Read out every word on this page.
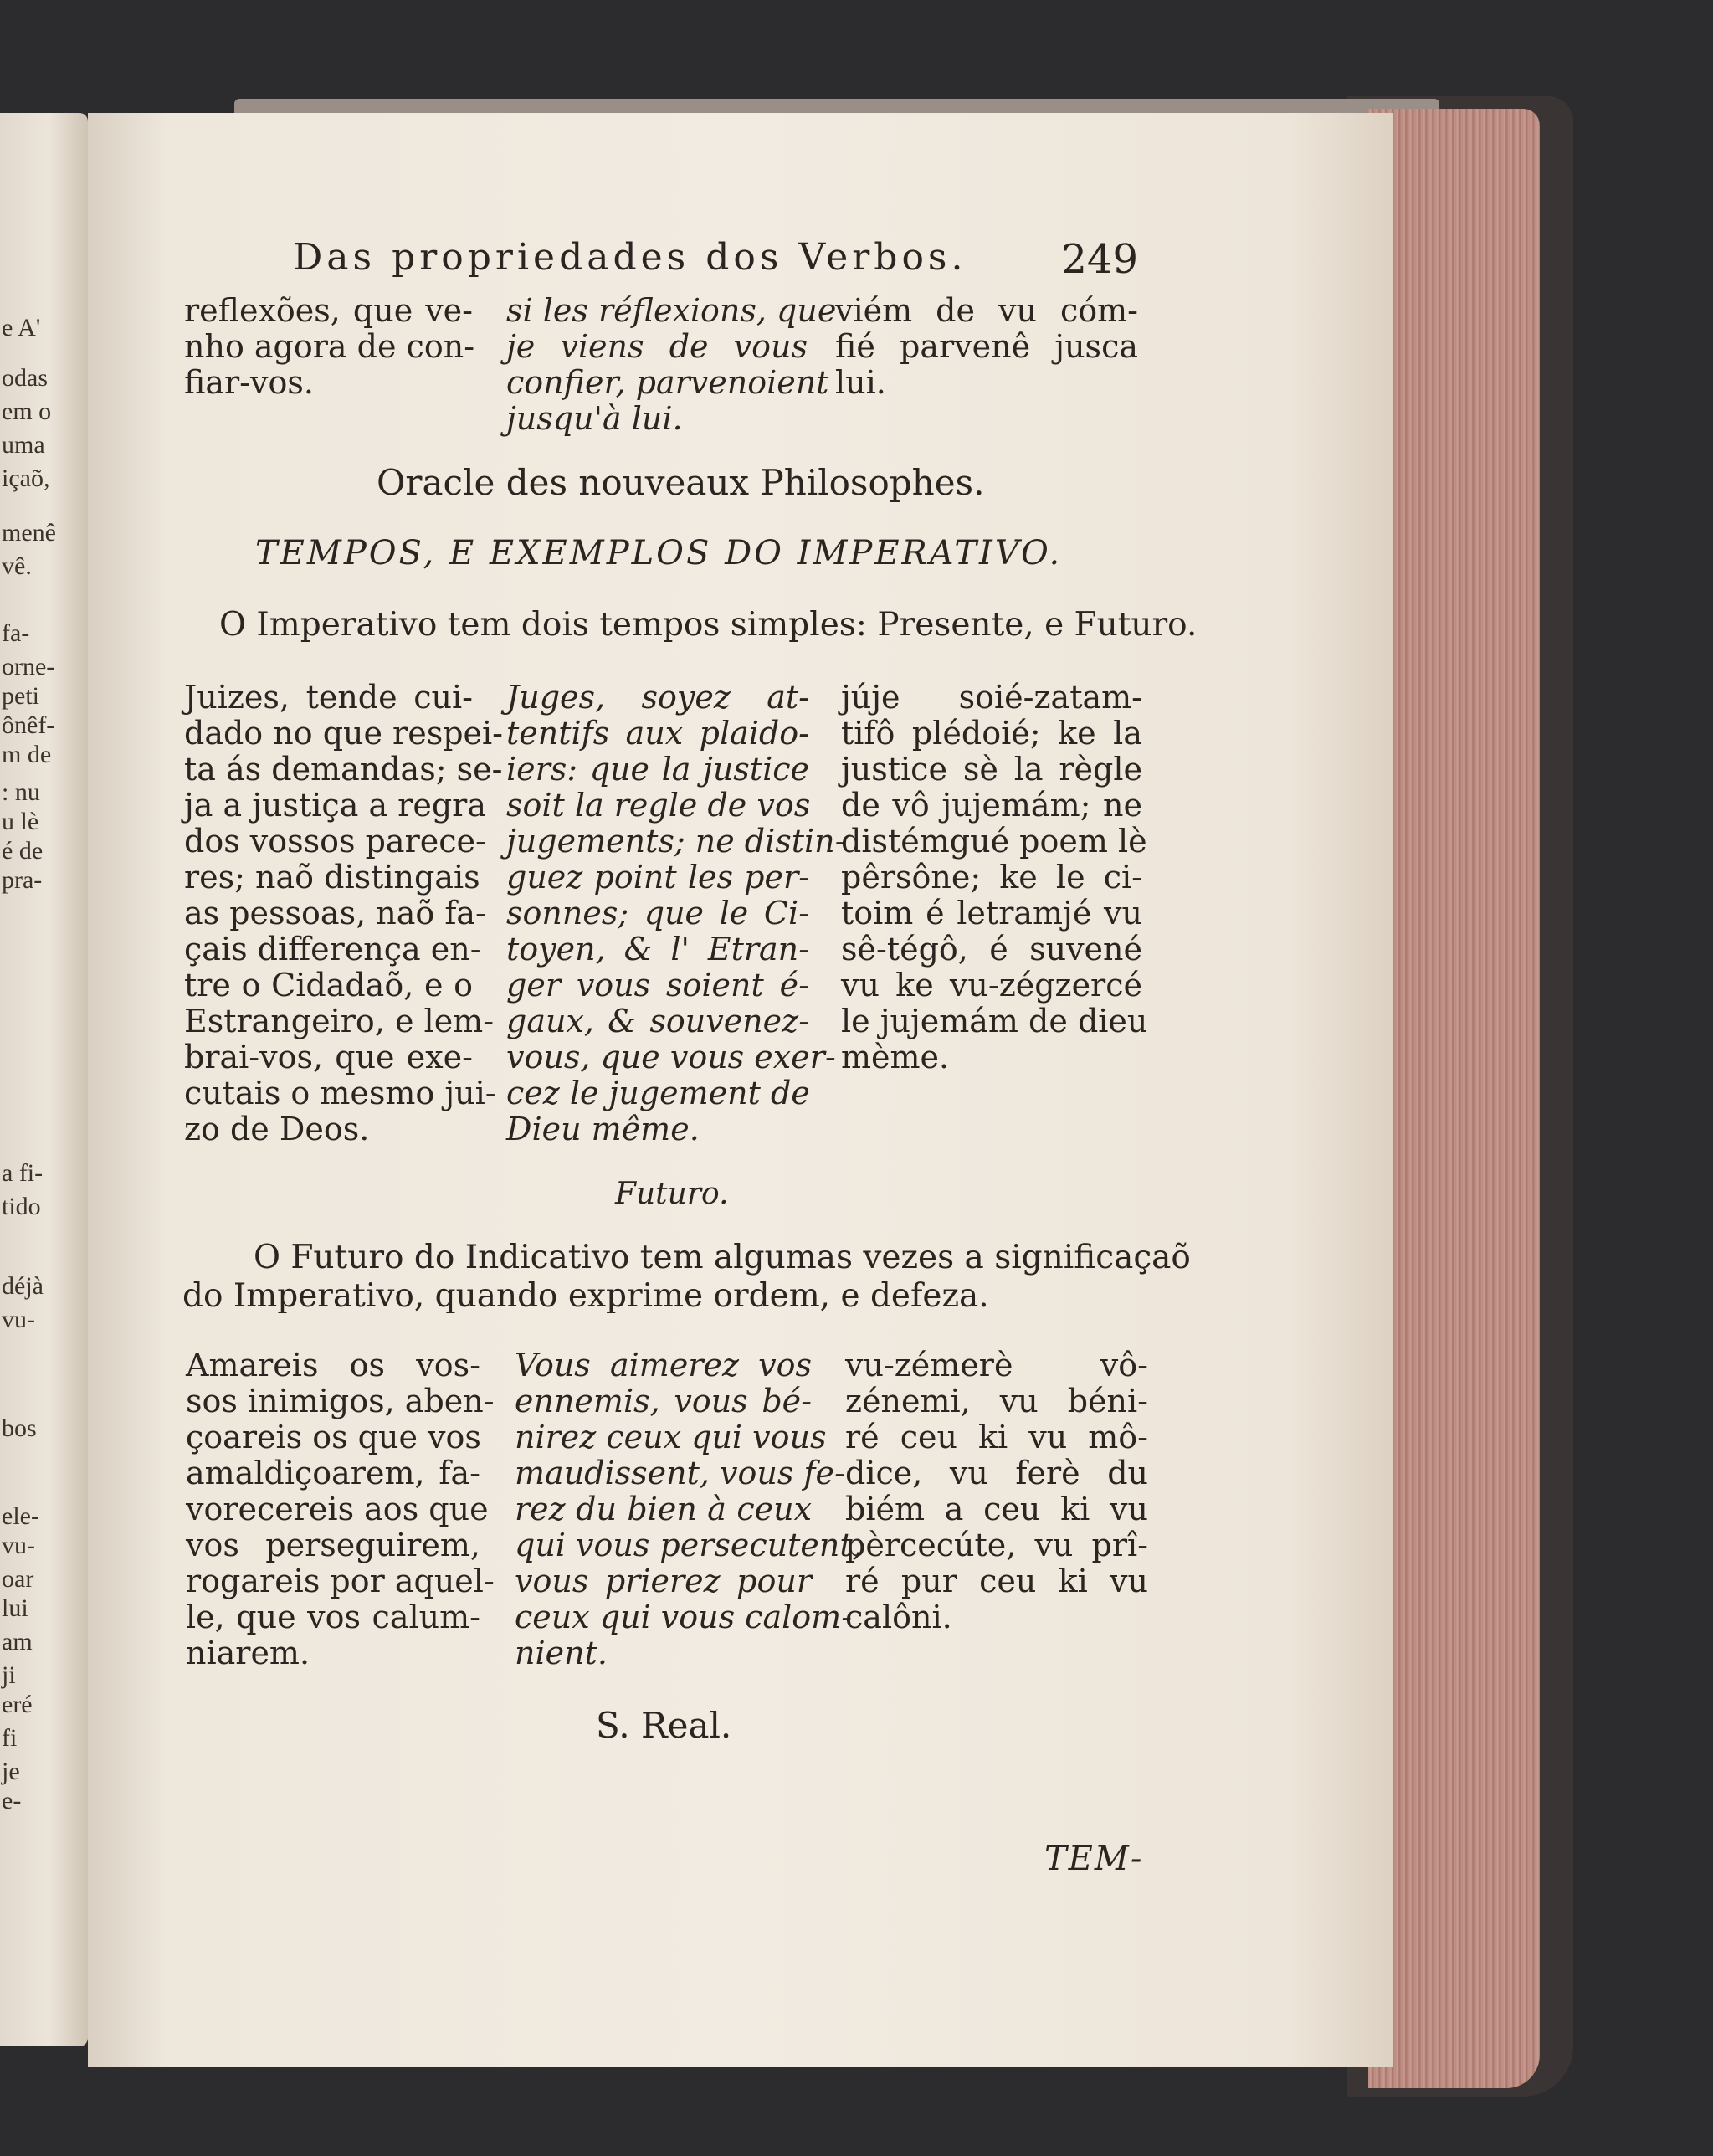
e A'
odas
em o
uma
içaõ,
menê
vê.
fa-
orne-
peti
ônêf-
m de
: nu
u lè
é de
pra-
a fi-
tido
déjà
vu-
bos
ele-
vu-
oar
lui
am
ji
eré
fi
je
e-
Das propriedades dos Verbos. 249
reflexões, que ve-
nho agora de con-
fiar-vos.
si les réflexions, que
je viens de vous
confier, parvenoient
jusqu'à lui.
viém de vu cóm-
fié parvenê jusca
lui.
Oracle des nouveaux Philosophes.
TEMPOS, E EXEMPLOS DO IMPERATIVO.
O Imperativo tem dois tempos simples: Presente, e Futuro.
Juizes, tende cui-
dado no que respei-
ta ás demandas; se-
ja a justiça a regra
dos vossos parece-
res; naõ distingais
as pessoas, naõ fa-
çais differença en-
tre o Cidadaõ, e o
Estrangeiro, e lem-
brai-vos, que exe-
cutais o mesmo jui-
zo de Deos.
Juges, soyez at-
tentifs aux plaido-
iers: que la justice
soit la regle de vos
jugements; ne distin-
guez point les per-
sonnes; que le Ci-
toyen, & l' Etran-
ger vous soient é-
gaux, & souvenez-
vous, que vous exer-
cez le jugement de
Dieu même.
júje soié-zatam-
tifô plédoié; ke la
justice sè la règle
de vô jujemám; ne
distémgué poem lè
pêrsône; ke le ci-
toim é letramjé vu
sê-tégô, é suvené
vu ke vu-zégzercé
le jujemám de dieu
mème.
Futuro.
O Futuro do Indicativo tem algumas vezes a significaçaõ
do Imperativo, quando exprime ordem, e defeza.
Amareis os vos-
sos inimigos, aben-
çoareis os que vos
amaldiçoarem, fa-
vorecereis aos que
vos perseguirem,
rogareis por aquel-
le, que vos calum-
niarem.
Vous aimerez vos
ennemis, vous bé-
nirez ceux qui vous
maudissent, vous fe-
rez du bien à ceux
qui vous persecutent,
vous prierez pour
ceux qui vous calom-
nient.
vu-zémerè vô-
zénemi, vu béni-
ré ceu ki vu mô-
dice, vu ferè du
biém a ceu ki vu
pèrcecúte, vu prî-
ré pur ceu ki vu
calôni.
S. Real.
TEM-
